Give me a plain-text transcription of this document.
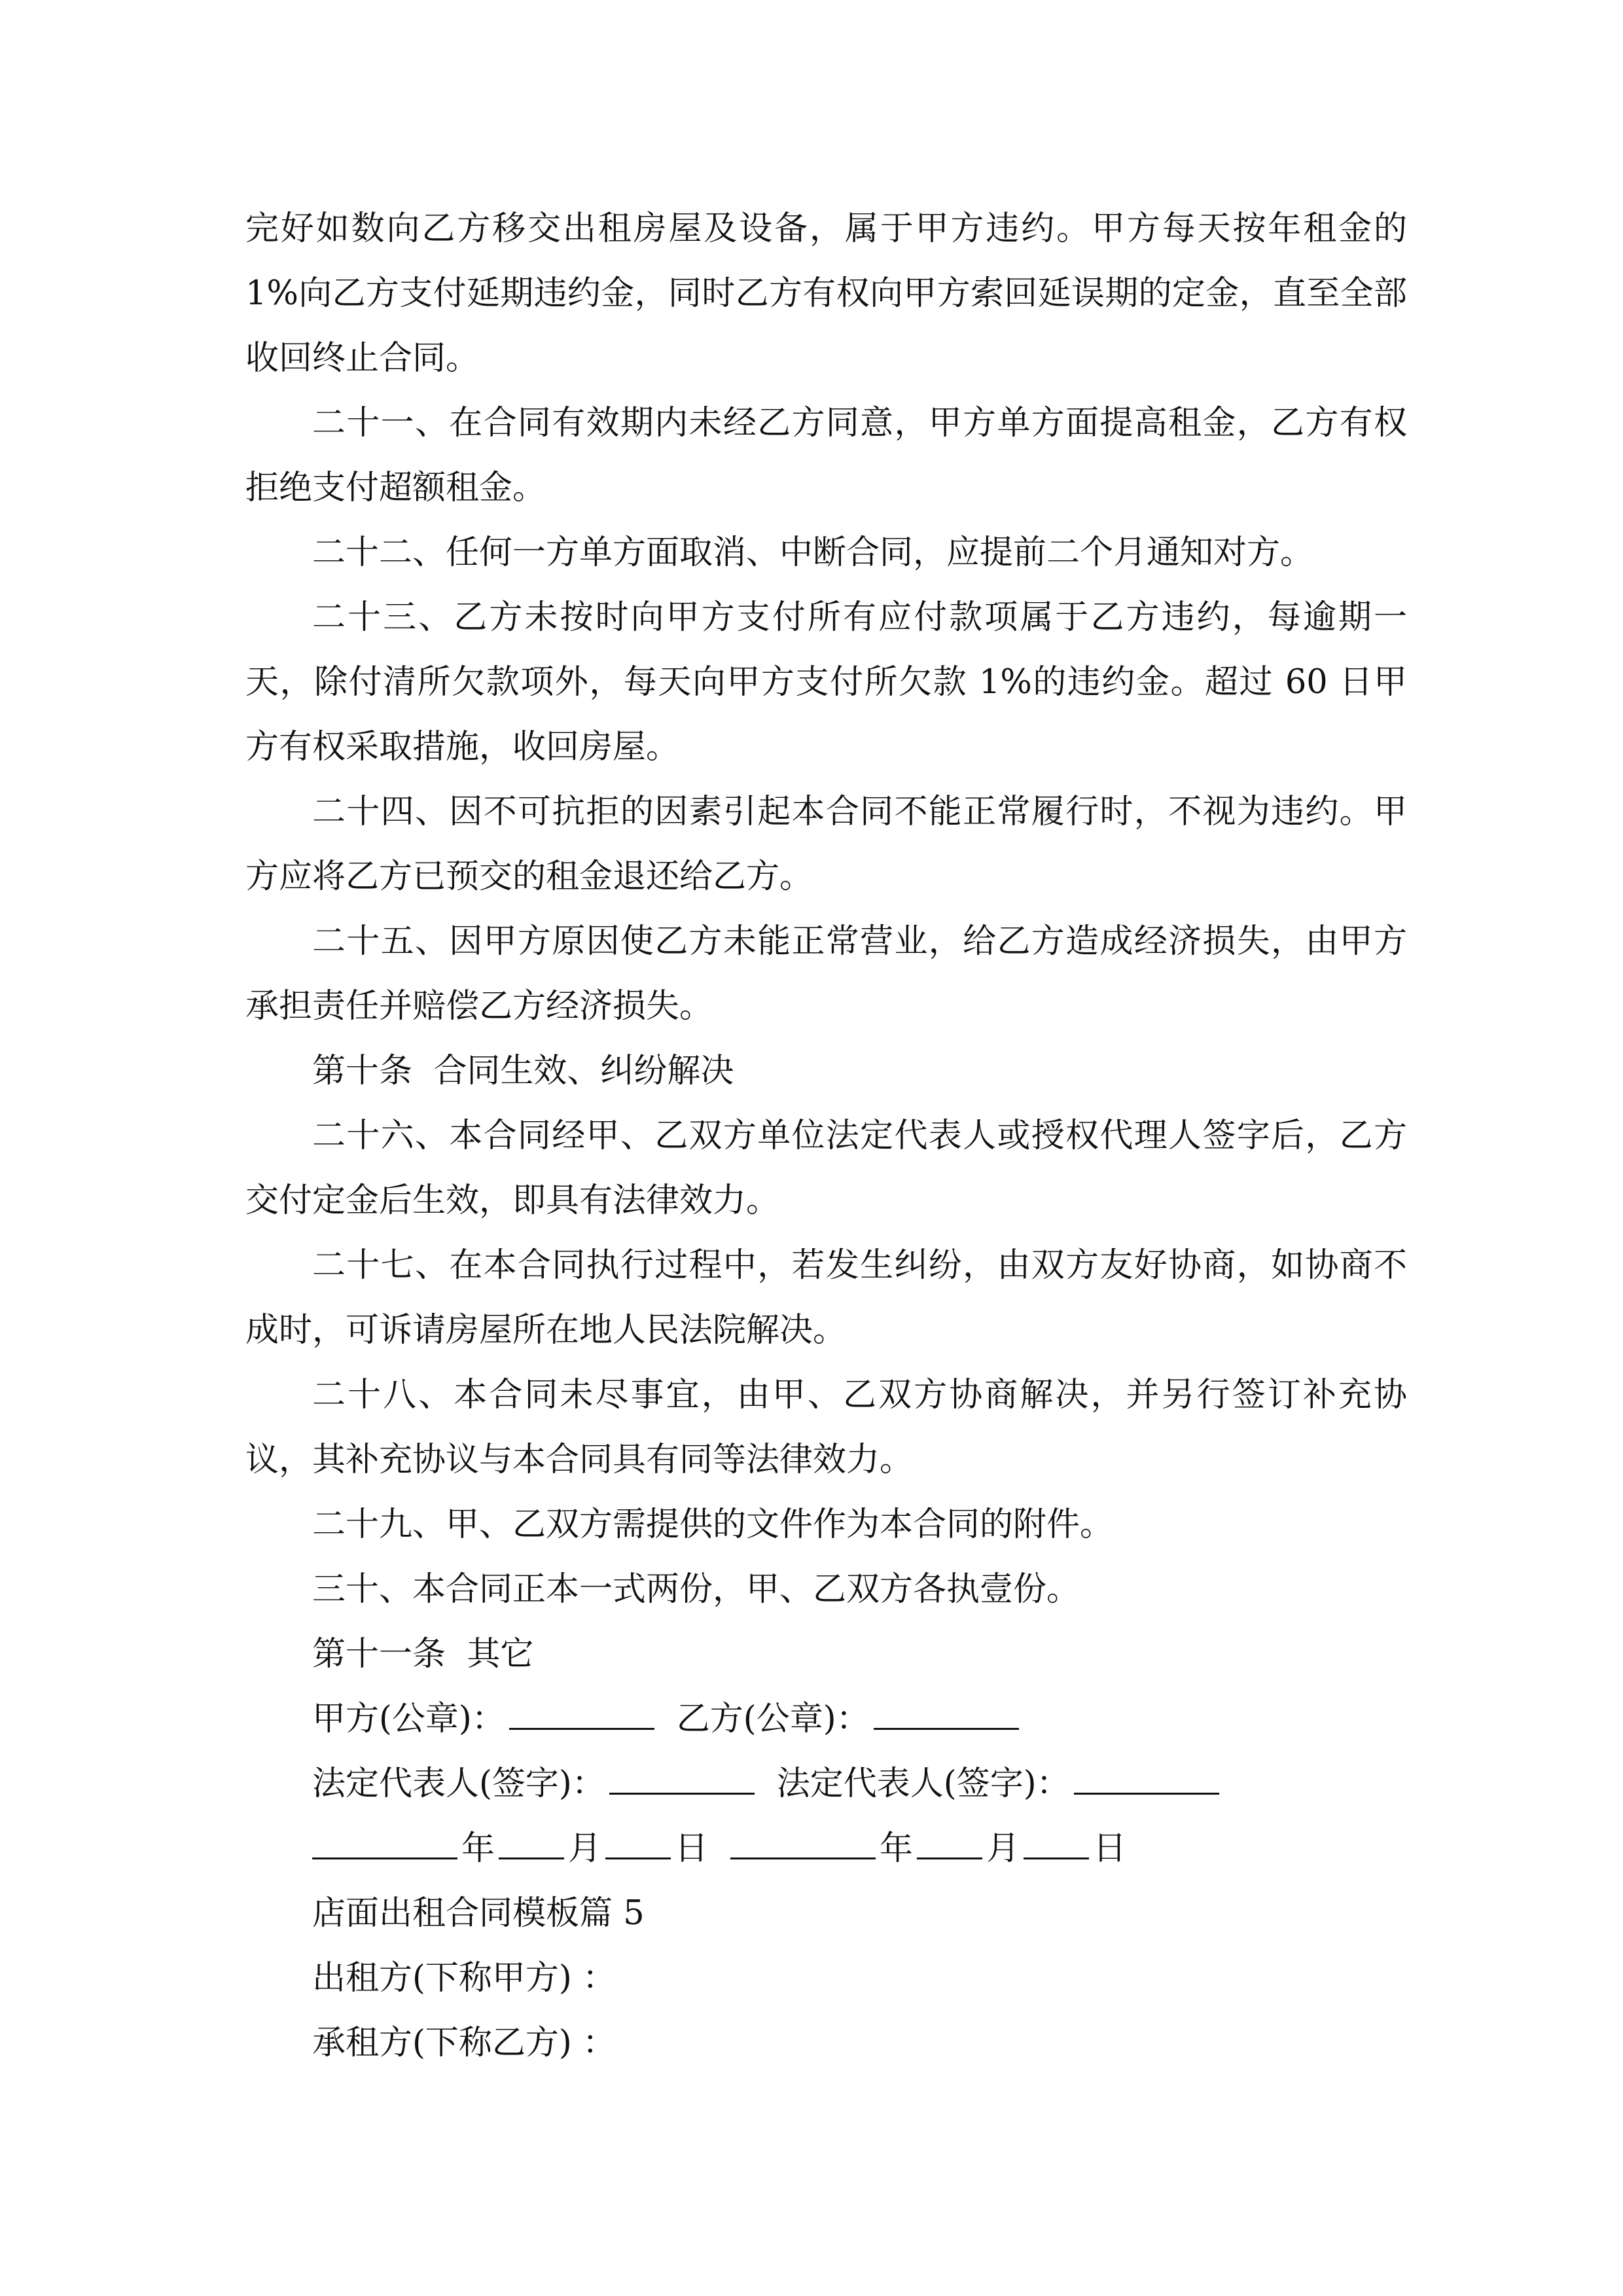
完好如数向乙方移交出租房屋及设备，属于甲方违约。甲方每天按年租金的 1%向乙方支付延期违约金，同时乙方有权向甲方索回延误期的定金，直至全部收回终止合同。

二十一、在合同有效期内未经乙方同意，甲方单方面提高租金，乙方有权拒绝支付超额租金。

二十二、任何一方单方面取消、中断合同，应提前二个月通知对方。

二十三、乙方未按时向甲方支付所有应付款项属于乙方违约，每逾期一天，除付清所欠款项外，每天向甲方支付所欠款 1%的违约金。超过 60 日甲方有权采取措施，收回房屋。

二十四、因不可抗拒的因素引起本合同不能正常履行时，不视为违约。甲方应将乙方已预交的租金退还给乙方。

二十五、因甲方原因使乙方未能正常营业，给乙方造成经济损失，由甲方承担责任并赔偿乙方经济损失。

第十条  合同生效、纠纷解决

二十六、本合同经甲、乙双方单位法定代表人或授权代理人签字后，乙方交付定金后生效，即具有法律效力。

二十七、在本合同执行过程中，若发生纠纷，由双方友好协商，如协商不成时，可诉请房屋所在地人民法院解决。

二十八、本合同未尽事宜，由甲、乙双方协商解决，并另行签订补充协议，其补充协议与本合同具有同等法律效力。

二十九、甲、乙双方需提供的文件作为本合同的附件。

三十、本合同正本一式两份，甲、乙双方各执壹份。

第十一条  其它

甲方(公章)：	乙方(公章)：
法定代表人(签字)：	法定代表人(签字)：
年 月 日	年 月 日

店面出租合同模板篇 5

出租方(下称甲方) ：

承租方(下称乙方) ：
